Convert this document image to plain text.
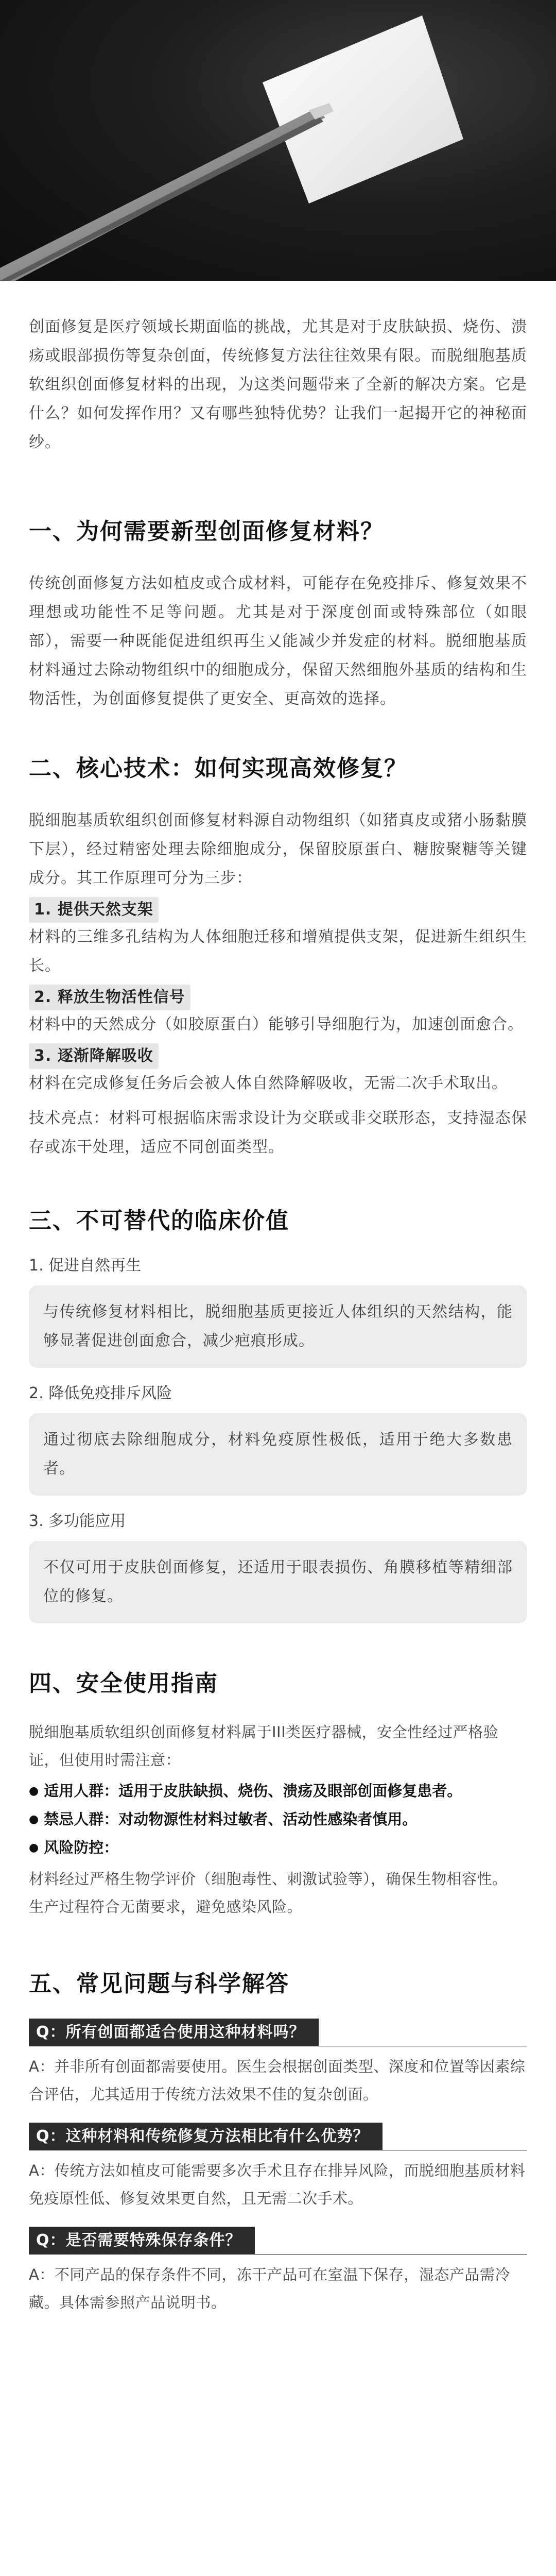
创面修复是医疗领域长期面临的挑战，尤其是对于皮肤缺损、烧伤、溃疡或眼部损伤等复杂创面，传统修复方法往往效果有限。而脱细胞基质软组织创面修复材料的出现，为这类问题带来了全新的解决方案。它是什么？如何发挥作用？又有哪些独特优势？让我们一起揭开它的神秘面纱。

一、为何需要新型创面修复材料？

传统创面修复方法如植皮或合成材料，可能存在免疫排斥、修复效果不理想或功能性不足等问题。尤其是对于深度创面或特殊部位（如眼部），需要一种既能促进组织再生又能减少并发症的材料。脱细胞基质材料通过去除动物组织中的细胞成分，保留天然细胞外基质的结构和生物活性，为创面修复提供了更安全、更高效的选择。

二、核心技术：如何实现高效修复？

脱细胞基质软组织创面修复材料源自动物组织（如猪真皮或猪小肠黏膜下层），经过精密处理去除细胞成分，保留胶原蛋白、糖胺聚糖等关键成分。其工作原理可分为三步：

1. 提供天然支架

材料的三维多孔结构为人体细胞迁移和增殖提供支架，促进新生组织生长。

2. 释放生物活性信号

材料中的天然成分（如胶原蛋白）能够引导细胞行为，加速创面愈合。

3. 逐渐降解吸收

材料在完成修复任务后会被人体自然降解吸收，无需二次手术取出。

技术亮点：材料可根据临床需求设计为交联或非交联形态，支持湿态保存或冻干处理，适应不同创面类型。

三、不可替代的临床价值

1. 促进自然再生

与传统修复材料相比，脱细胞基质更接近人体组织的天然结构，能够显著促进创面愈合，减少疤痕形成。

2. 降低免疫排斥风险

通过彻底去除细胞成分，材料免疫原性极低，适用于绝大多数患者。

3. 多功能应用

不仅可用于皮肤创面修复，还适用于眼表损伤、角膜移植等精细部位的修复。

四、安全使用指南

脱细胞基质软组织创面修复材料属于III类医疗器械，安全性经过严格验证，但使用时需注意：

● 适用人群：适用于皮肤缺损、烧伤、溃疡及眼部创面修复患者。

● 禁忌人群：对动物源性材料过敏者、活动性感染者慎用。

● 风险防控：

材料经过严格生物学评价（细胞毒性、刺激试验等），确保生物相容性。

生产过程符合无菌要求，避免感染风险。

五、常见问题与科学解答
Q：所有创面都适合使用这种材料吗？

A：并非所有创面都需要使用。医生会根据创面类型、深度和位置等因素综合评估，尤其适用于传统方法效果不佳的复杂创面。

Q：这种材料和传统修复方法相比有什么优势？

A：传统方法如植皮可能需要多次手术且存在排异风险，而脱细胞基质材料免疫原性低、修复效果更自然，且无需二次手术。

Q：是否需要特殊保存条件？

A：不同产品的保存条件不同，冻干产品可在室温下保存，湿态产品需冷藏。具体需参照产品说明书。
